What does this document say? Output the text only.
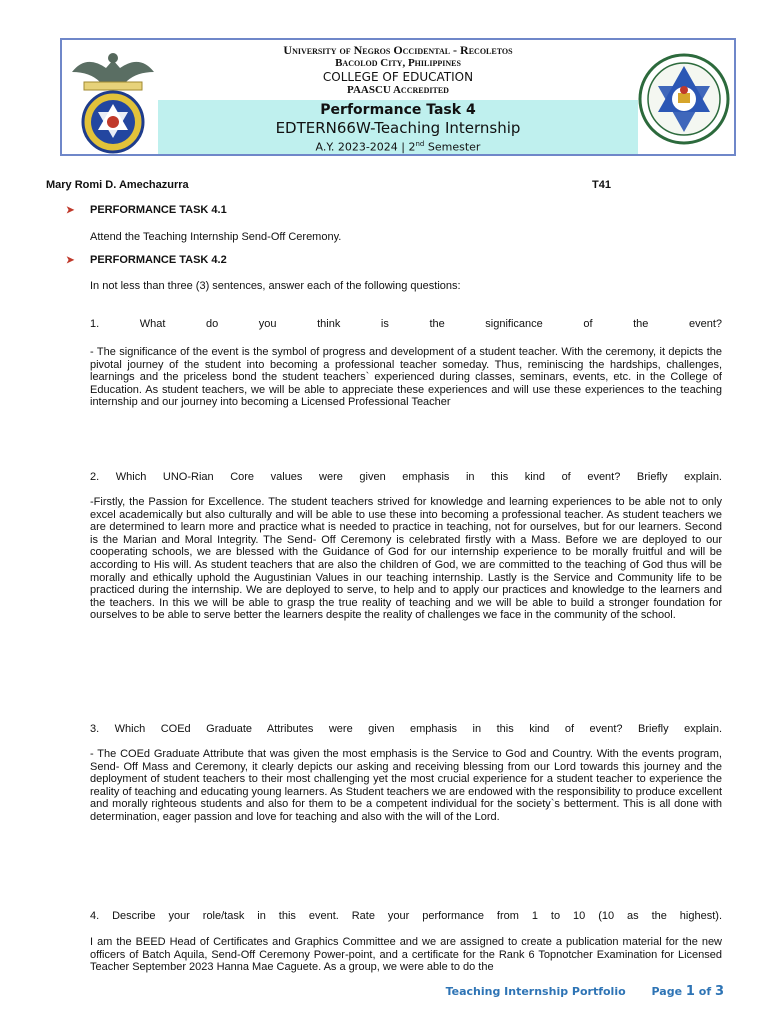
University of Negros Occidental - Recoletos
Bacolod City, Philippines
COLLEGE OF EDUCATION
PAASCU Accredited
Performance Task 4
EDTERN66W-Teaching Internship
A.Y. 2023-2024 | 2nd Semester
Mary Romi D. Amechazurra	T41
➤ PERFORMANCE TASK 4.1
Attend the Teaching Internship Send-Off Ceremony.
➤ PERFORMANCE TASK 4.2
In not less than three (3) sentences, answer each of the following questions:
1. What do you think is the significance of the event?
- The significance of the event is the symbol of progress and development of a student teacher. With the ceremony, it depicts the pivotal journey of the student into becoming a professional teacher someday. Thus, reminiscing the hardships, challenges, learnings and the priceless bond the student teachers` experienced during classes, seminars, events, etc. in the College of Education. As student teachers, we will be able to appreciate these experiences and will use these experiences to the teaching internship and our journey into becoming a Licensed Professional Teacher
2. Which UNO-Rian Core values were given emphasis in this kind of event? Briefly explain.
-Firstly, the Passion for Excellence. The student teachers strived for knowledge and learning experiences to be able not to only excel academically but also culturally and will be able to use these into becoming a professional teacher. As student teachers we are determined to learn more and practice what is needed to practice in teaching, not for ourselves, but for our learners. Second is the Marian and Moral Integrity. The Send- Off Ceremony is celebrated firstly with a Mass. Before we are deployed to our cooperating schools, we are blessed with the Guidance of God for our internship experience to be morally fruitful and will be according to His will. As student teachers that are also the children of God, we are committed to the teaching of God thus will be morally and ethically uphold the Augustinian Values in our teaching internship. Lastly is the Service and Community life to be practiced during the internship. We are deployed to serve, to help and to apply our practices and knowledge to the learners and the teachers. In this we will be able to grasp the true reality of teaching and we will be able to build a stronger foundation for ourselves to be able to serve better the learners despite the reality of challenges we face in the community of the school.
3. Which COEd Graduate Attributes were given emphasis in this kind of event? Briefly explain.
- The COEd Graduate Attribute that was given the most emphasis is the Service to God and Country. With the events program, Send- Off Mass and Ceremony, it clearly depicts our asking and receiving blessing from our Lord towards this journey and the deployment of student teachers to their most challenging yet the most crucial experience for a student teacher to experience the reality of teaching and educating young learners. As Student teachers we are endowed with the responsibility to produce excellent and morally righteous students and also for them to be a competent individual for the society`s betterment. This is all done with determination, eager passion and love for teaching and also with the will of the Lord.
4. Describe your role/task in this event. Rate your performance from 1 to 10 (10 as the highest).
I am the BEED Head of Certificates and Graphics Committee and we are assigned to create a publication material for the new officers of Batch Aquila, Send-Off Ceremony Power-point, and a certificate for the Rank 6 Topnotcher Examination for Licensed Teacher September 2023 Hanna Mae Caguete. As a group, we were able to do the
Teaching Internship Portfolio Page 1 of 3
